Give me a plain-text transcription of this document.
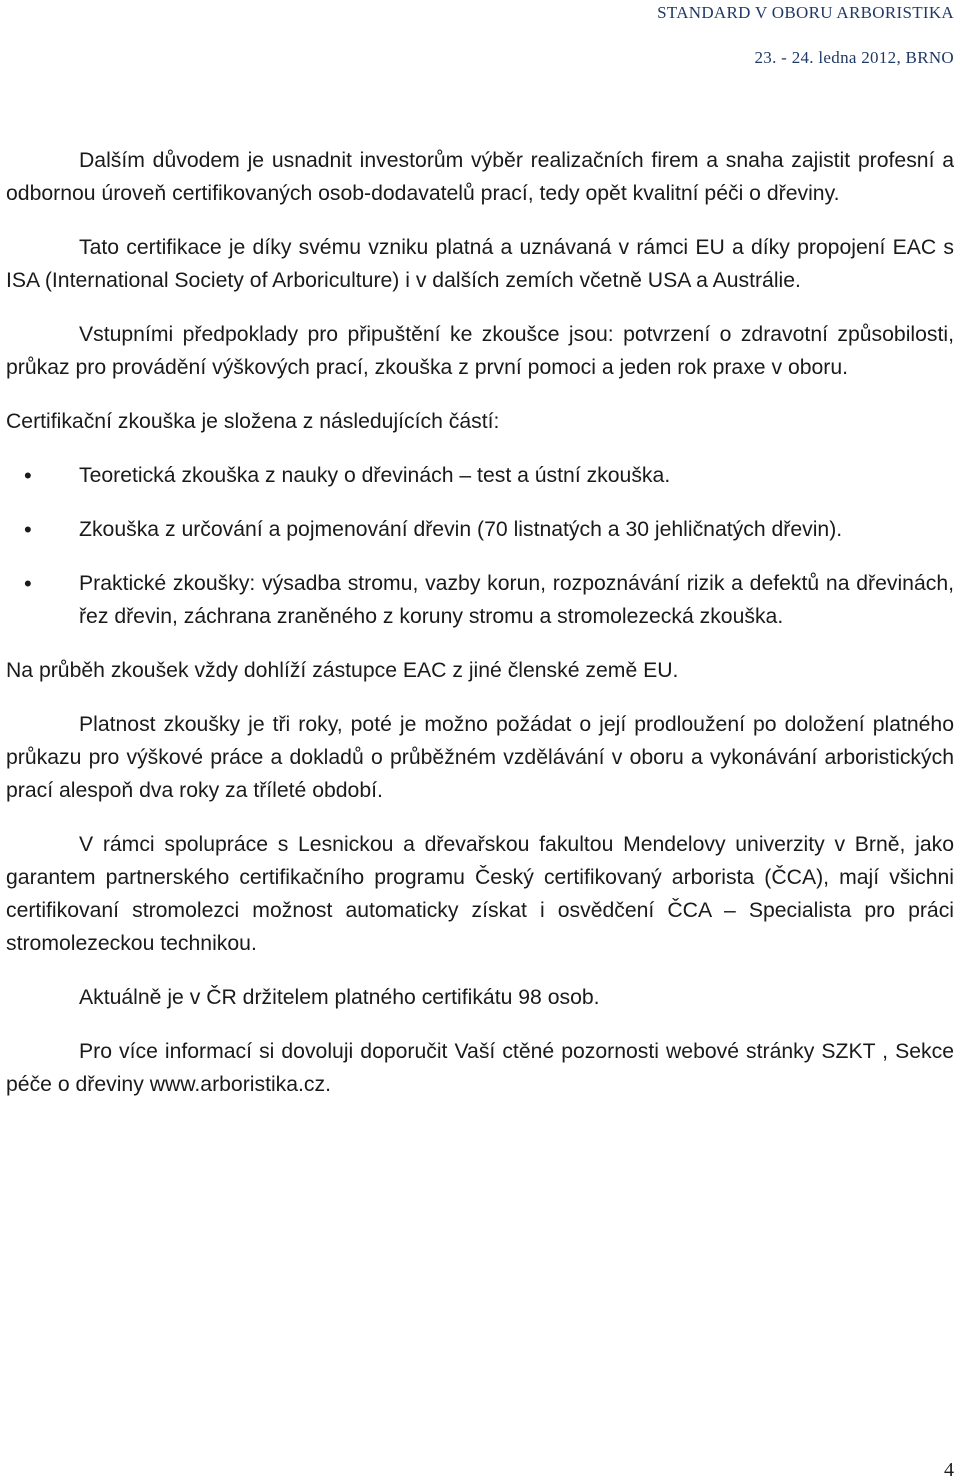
STANDARD V OBORU ARBORISTIKA
23. - 24. ledna 2012, BRNO

Dalším důvodem je usnadnit investorům výběr realizačních firem a snaha zajistit profesní a odbornou úroveň certifikovaných osob-dodavatelů prací, tedy opět kvalitní péči o dřeviny.

Tato certifikace je díky svému vzniku platná a uznávaná v rámci EU a díky propojení EAC s ISA (International Society of Arboriculture) i v dalších zemích včetně USA a Austrálie.

Vstupními předpoklady pro připuštění ke zkoušce jsou: potvrzení o zdravotní způsobilosti, průkaz pro provádění výškových prací, zkouška z první pomoci a jeden rok praxe v oboru.

Certifikační zkouška je složena z následujících částí:

• Teoretická zkouška z nauky o dřevinách – test a ústní zkouška.
• Zkouška z určování a pojmenování dřevin (70 listnatých a 30 jehličnatých dřevin).
• Praktické zkoušky: výsadba stromu, vazby korun, rozpoznávání rizik a defektů na dřevinách, řez dřevin, záchrana zraněného z koruny stromu a stromolezecká zkouška.

Na průběh zkoušek vždy dohlíží zástupce EAC z jiné členské země EU.

Platnost zkoušky je tři roky, poté je možno požádat o její prodloužení po doložení platného průkazu pro výškové práce a dokladů o průběžném vzdělávání v oboru a vykonávání arboristických prací alespoň dva roky za tříleté období.

V rámci spolupráce s Lesnickou a dřevařskou fakultou Mendelovy univerzity v Brně, jako garantem partnerského certifikačního programu Český certifikovaný arborista (ČCA), mají všichni certifikovaní stromolezci možnost automaticky získat i osvědčení ČCA – Specialista pro práci stromolezeckou technikou.

Aktuálně je v ČR držitelem platného certifikátu 98 osob.

Pro více informací si dovoluji doporučit Vaší ctěné pozornosti webové stránky SZKT , Sekce péče o dřeviny www.arboristika.cz.

4
